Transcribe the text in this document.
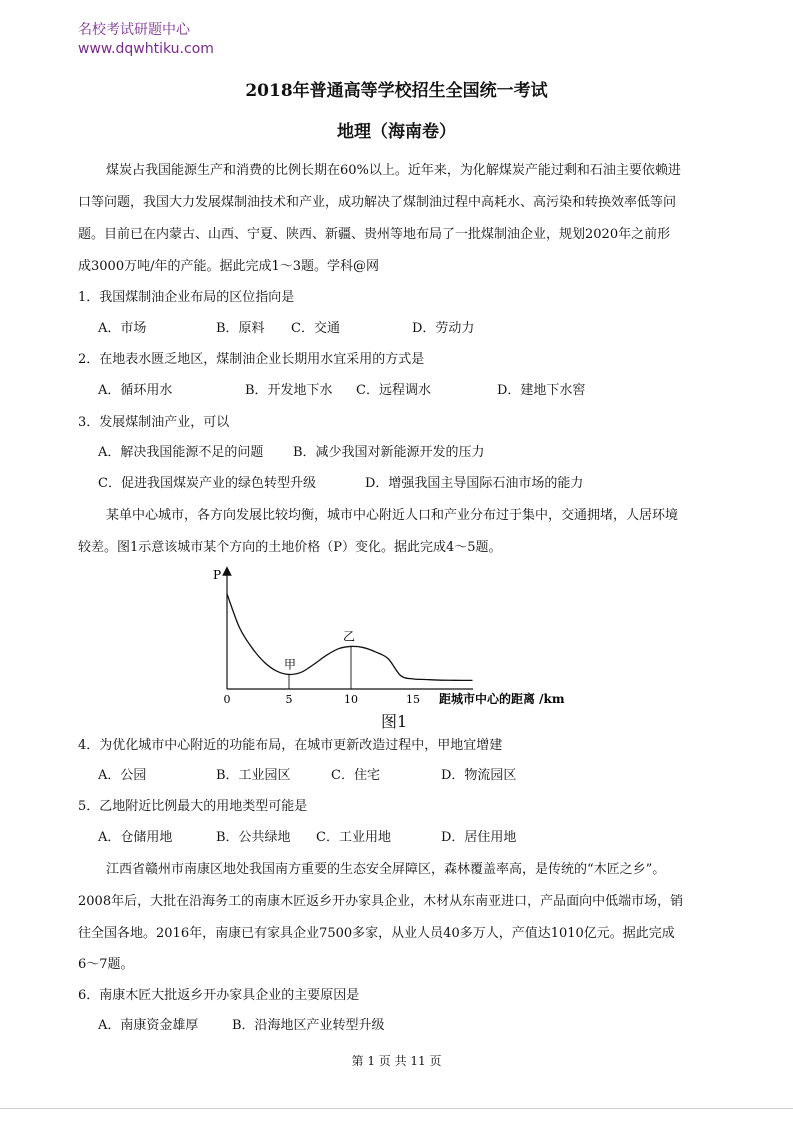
名校考试研题中心
www.dqwhtiku.com
2018年普通高等学校招生全国统一考试
地理（海南卷）
煤炭占我国能源生产和消费的比例长期在60%以上。近年来，为化解煤炭产能过剩和石油主要依赖进
口等问题，我国大力发展煤制油技术和产业，成功解决了煤制油过程中高耗水、高污染和转换效率低等问
题。目前已在内蒙古、山西、宁夏、陕西、新疆、贵州等地布局了一批煤制油企业，规划2020年之前形
成3000万吨/年的产能。据此完成1～3题。学科@网
1．我国煤制油企业布局的区位指向是
A．市场	B．原料 C．交通	D．劳动力
2．在地表水匮乏地区，煤制油企业长期用水宜采用的方式是
A．循环用水	B．开发地下水 C．远程调水	D．建地下水窖
3．发展煤制油产业，可以
A．解决我国能源不足的问题 B．减少我国对新能源开发的压力
C．促进我国煤炭产业的绿色转型升级	D．增强我国主导国际石油市场的能力
某单中心城市，各方向发展比较均衡，城市中心附近人口和产业分布过于集中，交通拥堵，人居环境
较差。图1示意该城市某个方向的土地价格（P）变化。据此完成4～5题。
P
0	5	10	15 距城市中心的距离 /km
甲
乙
图1
4．为优化城市中心附近的功能布局，在城市更新改造过程中，甲地宜增建
A．公园	B．工业园区	C．住宅	D．物流园区
5．乙地附近比例最大的用地类型可能是
A．仓储用地	B．公共绿地 C．工业用地	D．居住用地
江西省赣州市南康区地处我国南方重要的生态安全屏障区，森林覆盖率高，是传统的“木匠之乡”。
2008年后，大批在沿海务工的南康木匠返乡开办家具企业，木材从东南亚进口，产品面向中低端市场，销
往全国各地。2016年，南康已有家具企业7500多家，从业人员40多万人，产值达1010亿元。据此完成
6～7题。
6．南康木匠大批返乡开办家具企业的主要原因是
A．南康资金雄厚	B．沿海地区产业转型升级
第 1 页 共 11 页
